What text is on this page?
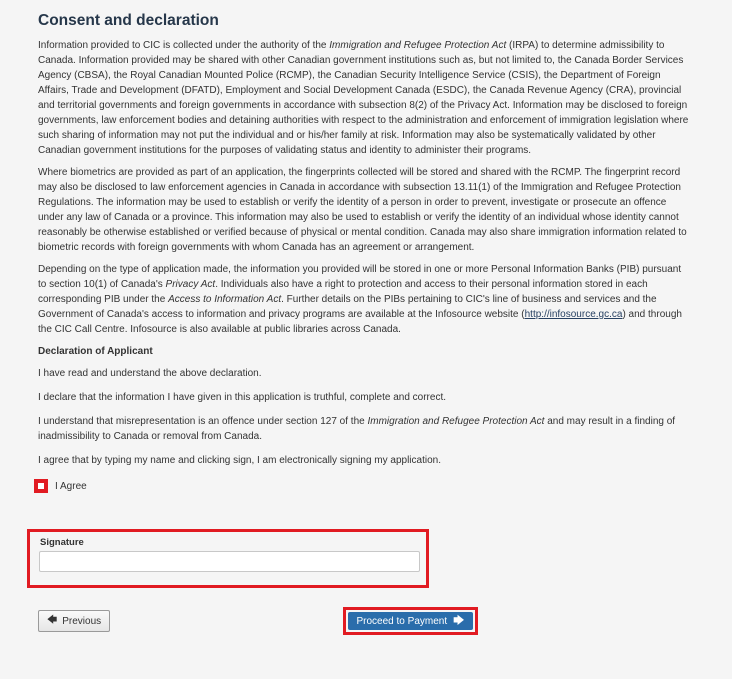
Consent and declaration

Information provided to CIC is collected under the authority of the Immigration and Refugee Protection Act (IRPA) to determine admissibility to Canada. Information provided may be shared with other Canadian government institutions such as, but not limited to, the Canada Border Services Agency (CBSA), the Royal Canadian Mounted Police (RCMP), the Canadian Security Intelligence Service (CSIS), the Department of Foreign Affairs, Trade and Development (DFATD), Employment and Social Development Canada (ESDC), the Canada Revenue Agency (CRA), provincial and territorial governments and foreign governments in accordance with subsection 8(2) of the Privacy Act. Information may be disclosed to foreign governments, law enforcement bodies and detaining authorities with respect to the administration and enforcement of immigration legislation where such sharing of information may not put the individual and or his/her family at risk. Information may also be systematically validated by other Canadian government institutions for the purposes of validating status and identity to administer their programs.

Where biometrics are provided as part of an application, the fingerprints collected will be stored and shared with the RCMP. The fingerprint record may also be disclosed to law enforcement agencies in Canada in accordance with subsection 13.11(1) of the Immigration and Refugee Protection Regulations. The information may be used to establish or verify the identity of a person in order to prevent, investigate or prosecute an offence under any law of Canada or a province. This information may also be used to establish or verify the identity of an individual whose identity cannot reasonably be otherwise established or verified because of physical or mental condition. Canada may also share immigration information related to biometric records with foreign governments with whom Canada has an agreement or arrangement.

Depending on the type of application made, the information you provided will be stored in one or more Personal Information Banks (PIB) pursuant to section 10(1) of Canada's Privacy Act. Individuals also have a right to protection and access to their personal information stored in each corresponding PIB under the Access to Information Act. Further details on the PIBs pertaining to CIC's line of business and services and the Government of Canada's access to information and privacy programs are available at the Infosource website (http://infosource.gc.ca) and through the CIC Call Centre. Infosource is also available at public libraries across Canada.

Declaration of Applicant

I have read and understand the above declaration.

I declare that the information I have given in this application is truthful, complete and correct.

I understand that misrepresentation is an offence under section 127 of the Immigration and Refugee Protection Act and may result in a finding of inadmissibility to Canada or removal from Canada.

I agree that by typing my name and clicking sign, I am electronically signing my application.

I Agree
Signature
🡄 Previous	Proceed to Payment 🡆
